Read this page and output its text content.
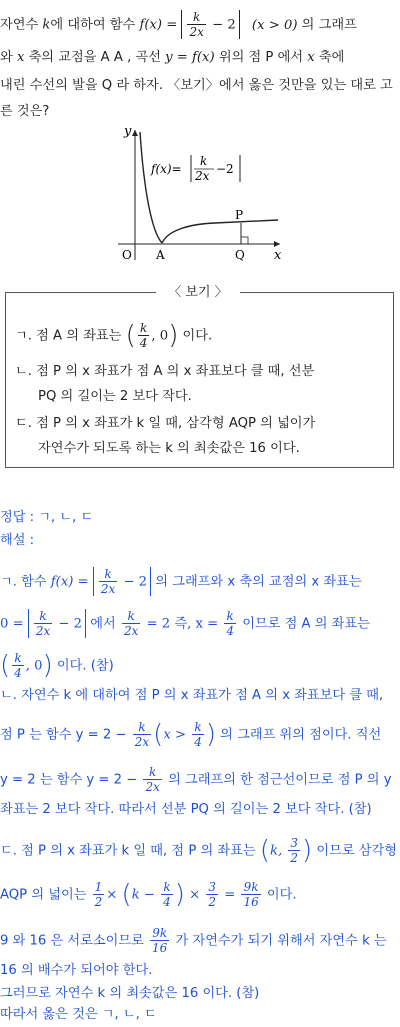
자연수 k에 대하여 함수 $f(x) = \frac{k}{2x} - 2$ (x > 0) 의 그래프
와 x 축의 교점을 A A , 곡선 y = f(x) 위의 점 P 에서 x 축에
내린 수선의 발을 Q 라 하자. 〈보기〉에서 옳은 것만을 있는 대로 고
른 것은?
y
x
O A	Q
P
f(x)=
k
2x −2
〈 보기 〉
ㄱ. 점 A 의 좌표는 ( $\frac{k}{4}$ , 0) 이다.
ㄴ. 점 P 의 x 좌표가 점 A 의 x 좌표보다 클 때, 선분
PQ 의 길이는 2 보다 작다.
ㄷ. 점 P 의 x 좌표가 k 일 때, 삼각형 AQP 의 넓이가
자연수가 되도록 하는 k 의 최솟값은 16 이다.
정답 : ㄱ, ㄴ, ㄷ
해설 :
ㄱ. 함수 $f(x) = \frac{k}{2x} - 2$ 의 그래프와 x 축의 교점의 x 좌표는
$0 = \frac{k}{2x} - 2$ 에서 $\frac{k}{2x} = 2$ 즉, $x = \frac{k}{4}$ 이므로 점 A 의 좌표는
( $\frac{k}{4}$ , 0) 이다. (참)
ㄴ. 자연수 k 에 대하여 점 P 의 x 좌표가 점 A 의 x 좌표보다 클 때,
점 P 는 함수 $y = 2 - \frac{k}{2x} (x > \frac{k}{4}$ ) 의 그래프 위의 점이다. 직선
y = 2 는 함수 $y = 2 - \frac{k}{2x}$ 의 그래프의 한 점근선이므로 점 P 의 y
좌표는 2 보다 작다. 따라서 선분 PQ 의 길이는 2 보다 작다. (참)
ㄷ. 점 P 의 x 좌표가 k 일 때, 점 P 의 좌표는 (k, $\frac{3}{2}$ ) 이므로 삼각형
AQP 의 넓이는 $\frac{1}{2} \times (k - \frac{k}{4}$ ) × $\frac{3}{2} = \frac{9k}{16}$ 이다.
9 와 16 은 서로소이므로 $\frac{9k}{16}$ 가 자연수가 되기 위해서 자연수 k 는
16 의 배수가 되어야 한다.
그러므로 자연수 k 의 최솟값은 16 이다. (참)
따라서 옳은 것은 ㄱ, ㄴ, ㄷ
